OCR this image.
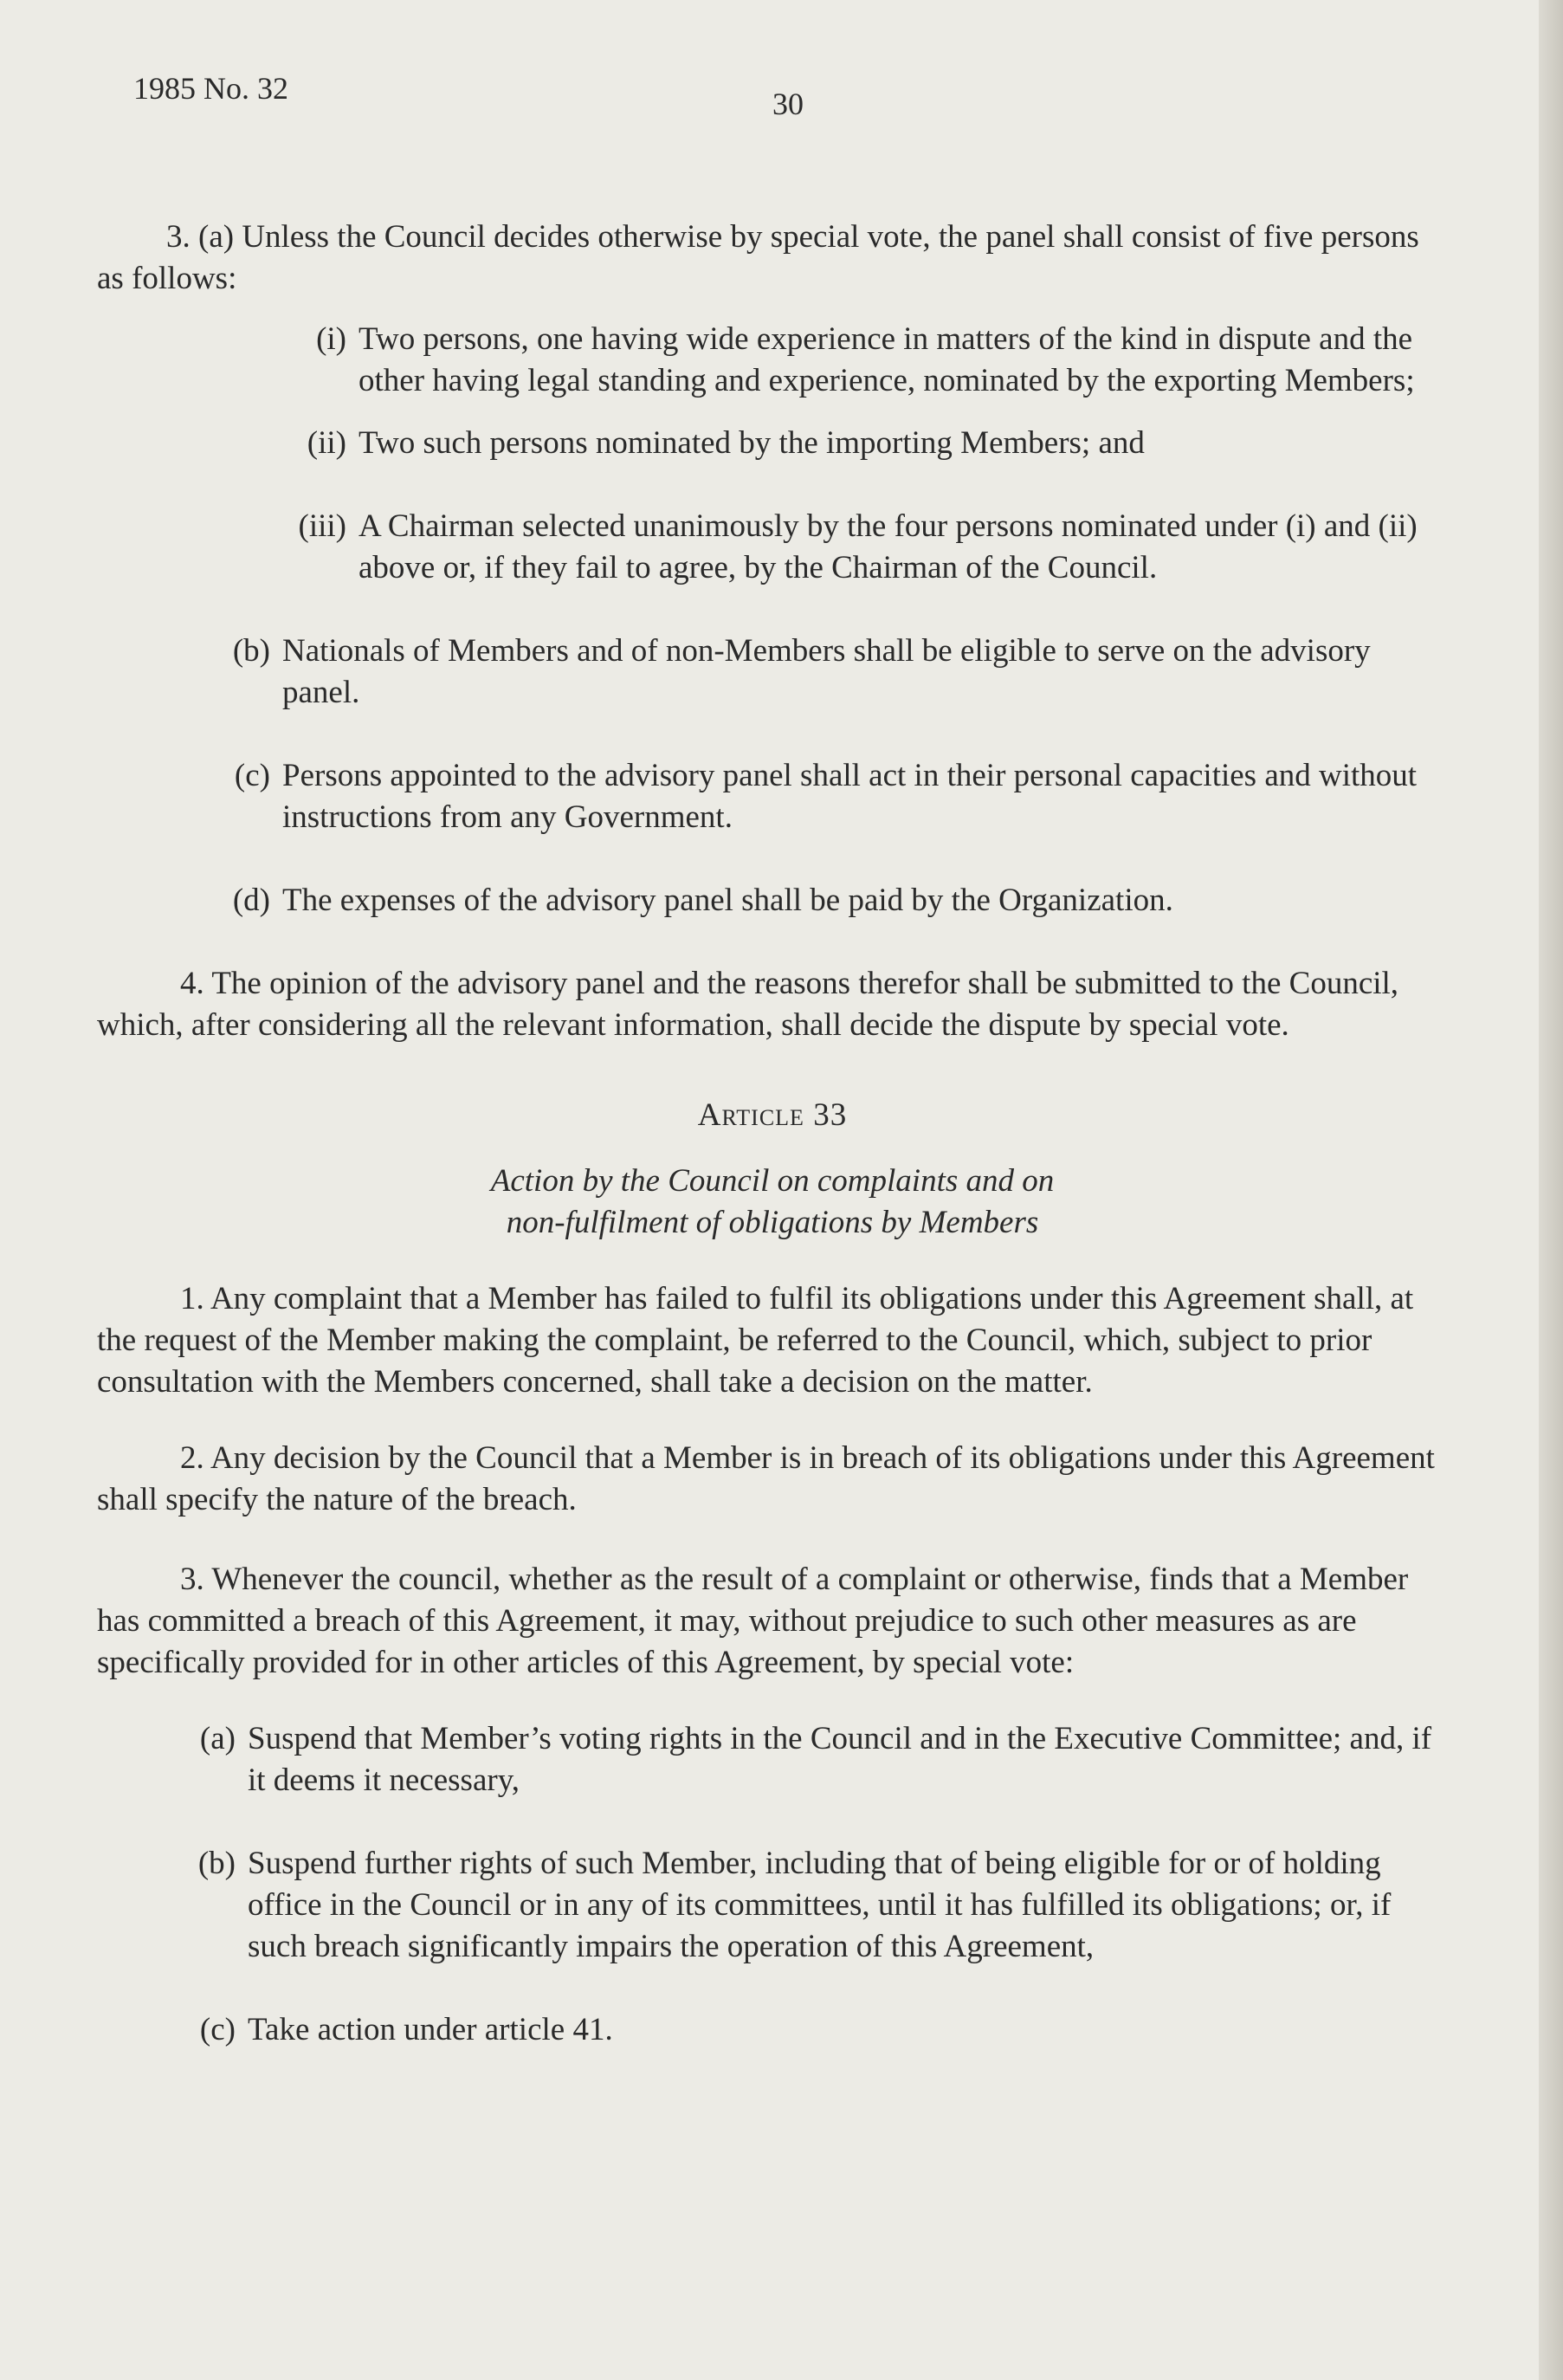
1985 No. 32	30

3. (a) Unless the Council decides otherwise by special vote, the panel shall consist of five persons as follows:

(i) Two persons, one having wide experience in matters of the kind in dispute and the other having legal standing and experience, nominated by the exporting Members;
(ii) Two such persons nominated by the importing Members; and
(iii) A Chairman selected unanimously by the four persons nominated under (i) and (ii) above or, if they fail to agree, by the Chairman of the Council.
(b) Nationals of Members and of non-Members shall be eligible to serve on the advisory panel.
(c) Persons appointed to the advisory panel shall act in their personal capacities and without instructions from any Government.
(d) The expenses of the advisory panel shall be paid by the Organization.

4. The opinion of the advisory panel and the reasons therefor shall be submitted to the Council, which, after considering all the relevant information, shall decide the dispute by special vote.

Article 33
Action by the Council on complaints and on
non-fulfilment of obligations by Members

1. Any complaint that a Member has failed to fulfil its obligations under this Agreement shall, at the request of the Member making the complaint, be referred to the Council, which, subject to prior consultation with the Members concerned, shall take a decision on the matter.

2. Any decision by the Council that a Member is in breach of its obligations under this Agreement shall specify the nature of the breach.

3. Whenever the council, whether as the result of a complaint or otherwise, finds that a Member has committed a breach of this Agreement, it may, without prejudice to such other measures as are specifically provided for in other articles of this Agreement, by special vote:

(a) Suspend that Member’s voting rights in the Council and in the Executive Committee; and, if it deems it necessary,
(b) Suspend further rights of such Member, including that of being eligible for or of holding office in the Council or in any of its committees, until it has fulfilled its obligations; or, if such breach significantly impairs the operation of this Agreement,
(c) Take action under article 41.
